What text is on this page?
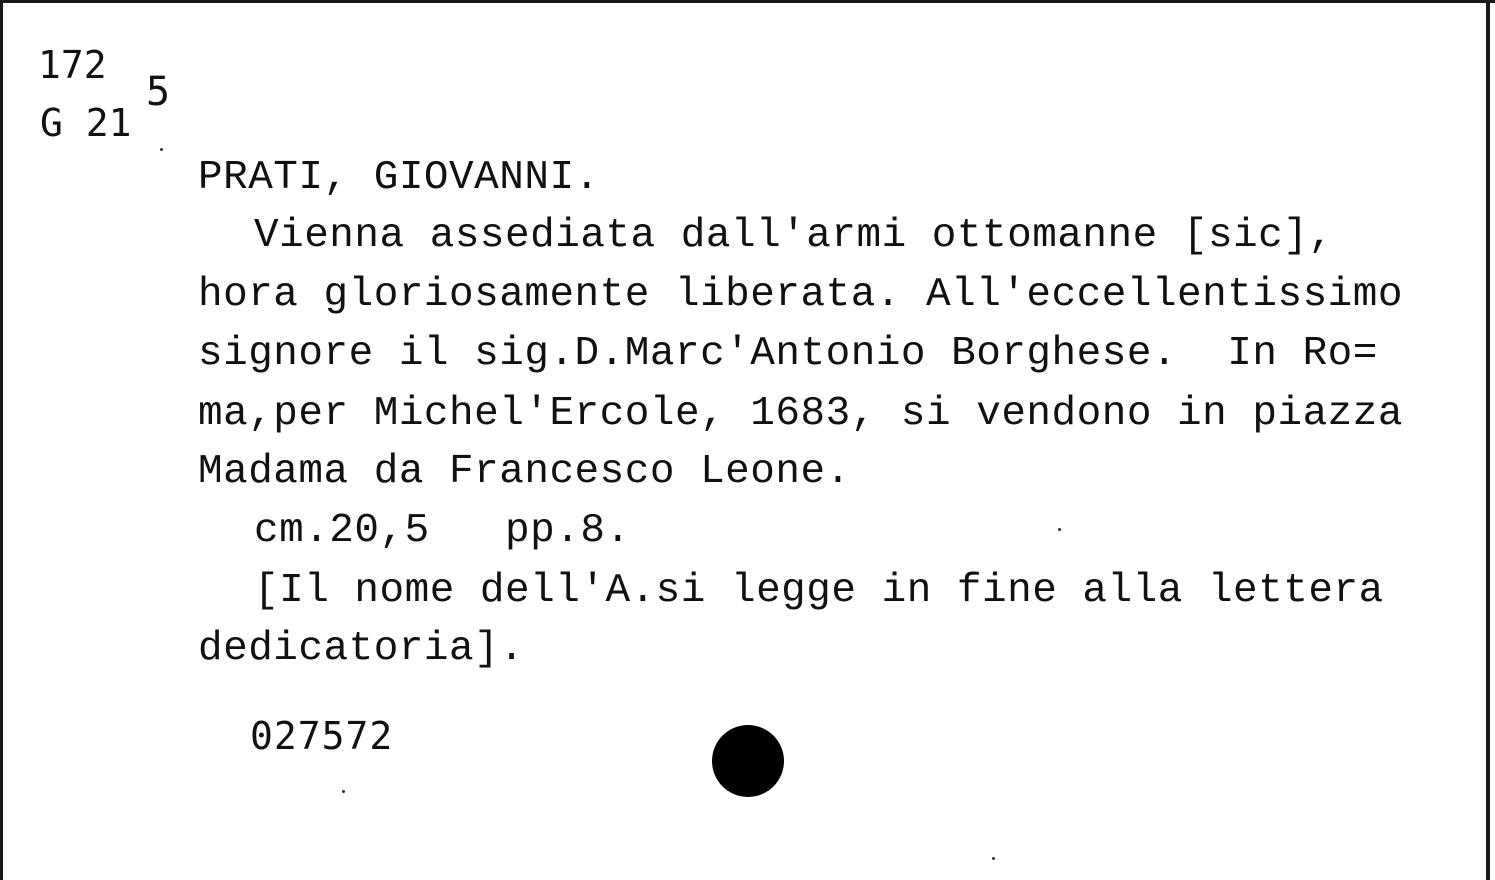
172
G 21
5
PRATI, GIOVANNI.
Vienna assediata dall'armi ottomanne [sic],
hora gloriosamente liberata. All'eccellentissimo
signore il sig.D.Marc'Antonio Borghese.  In Ro=
ma,per Michel'Ercole, 1683, si vendono in piazza
Madama da Francesco Leone.
cm.20,5   pp.8.
[Il nome dell'A.si legge in fine alla lettera
dedicatoria].
027572
